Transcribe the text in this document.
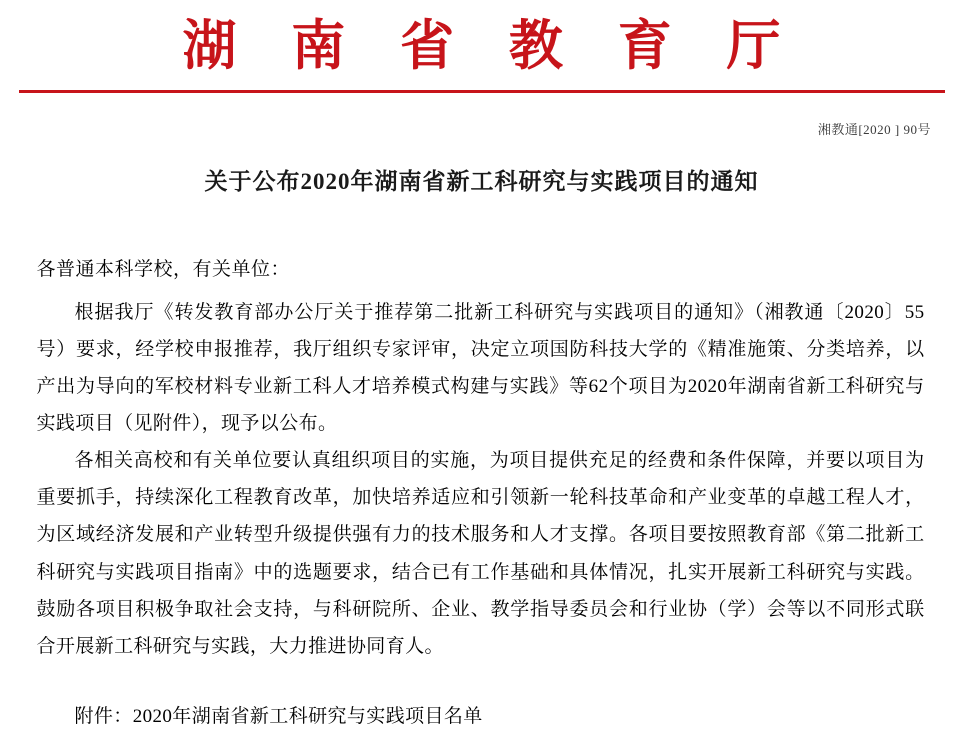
湖 南 省 教 育 厅
湘教通[2020 ] 90号
关于公布2020年湖南省新工科研究与实践项目的通知
各普通本科学校，有关单位：

根据我厅《转发教育部办公厅关于推荐第二批新工科研究与实践项目的通知》（湘教通〔2020〕55号）要求，经学校申报推荐，我厅组织专家评审，决定立项国防科技大学的《精准施策、分类培养，以产出为导向的军校材料专业新工科人才培养模式构建与实践》等62个项目为2020年湖南省新工科研究与实践项目（见附件），现予以公布。

各相关高校和有关单位要认真组织项目的实施，为项目提供充足的经费和条件保障，并要以项目为重要抓手，持续深化工程教育改革，加快培养适应和引领新一轮科技革命和产业变革的卓越工程人才，为区域经济发展和产业转型升级提供强有力的技术服务和人才支撑。各项目要按照教育部《第二批新工科研究与实践项目指南》中的选题要求，结合已有工作基础和具体情况，扎实开展新工科研究与实践。鼓励各项目积极争取社会支持，与科研院所、企业、教学指导委员会和行业协（学）会等以不同形式联合开展新工科研究与实践，大力推进协同育人。

附件：2020年湖南省新工科研究与实践项目名单
